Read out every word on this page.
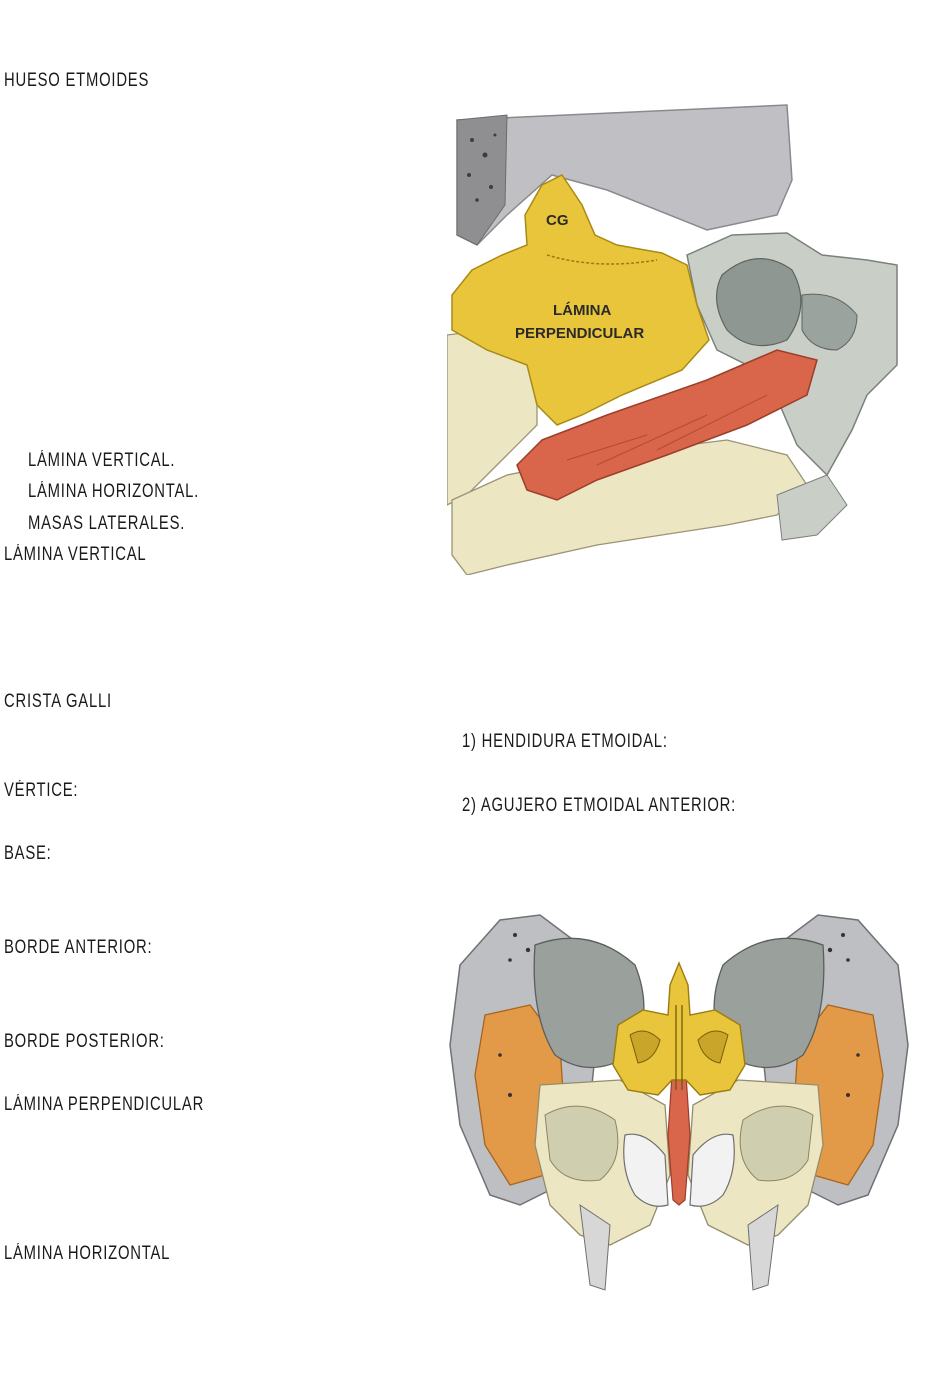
HUESO ETMOIDES
LÁMINA VERTICAL.
LÁMINA HORIZONTAL.
MASAS LATERALES.
LÁMINA VERTICAL
CRISTA GALLI
VÉRTICE:
BASE:
BORDE ANTERIOR:
BORDE POSTERIOR:
LÁMINA PERPENDICULAR
LÁMINA HORIZONTAL
1) HENDIDURA ETMOIDAL:
2) AGUJERO ETMOIDAL ANTERIOR:
CG
LÁMINA
PERPENDICULAR
